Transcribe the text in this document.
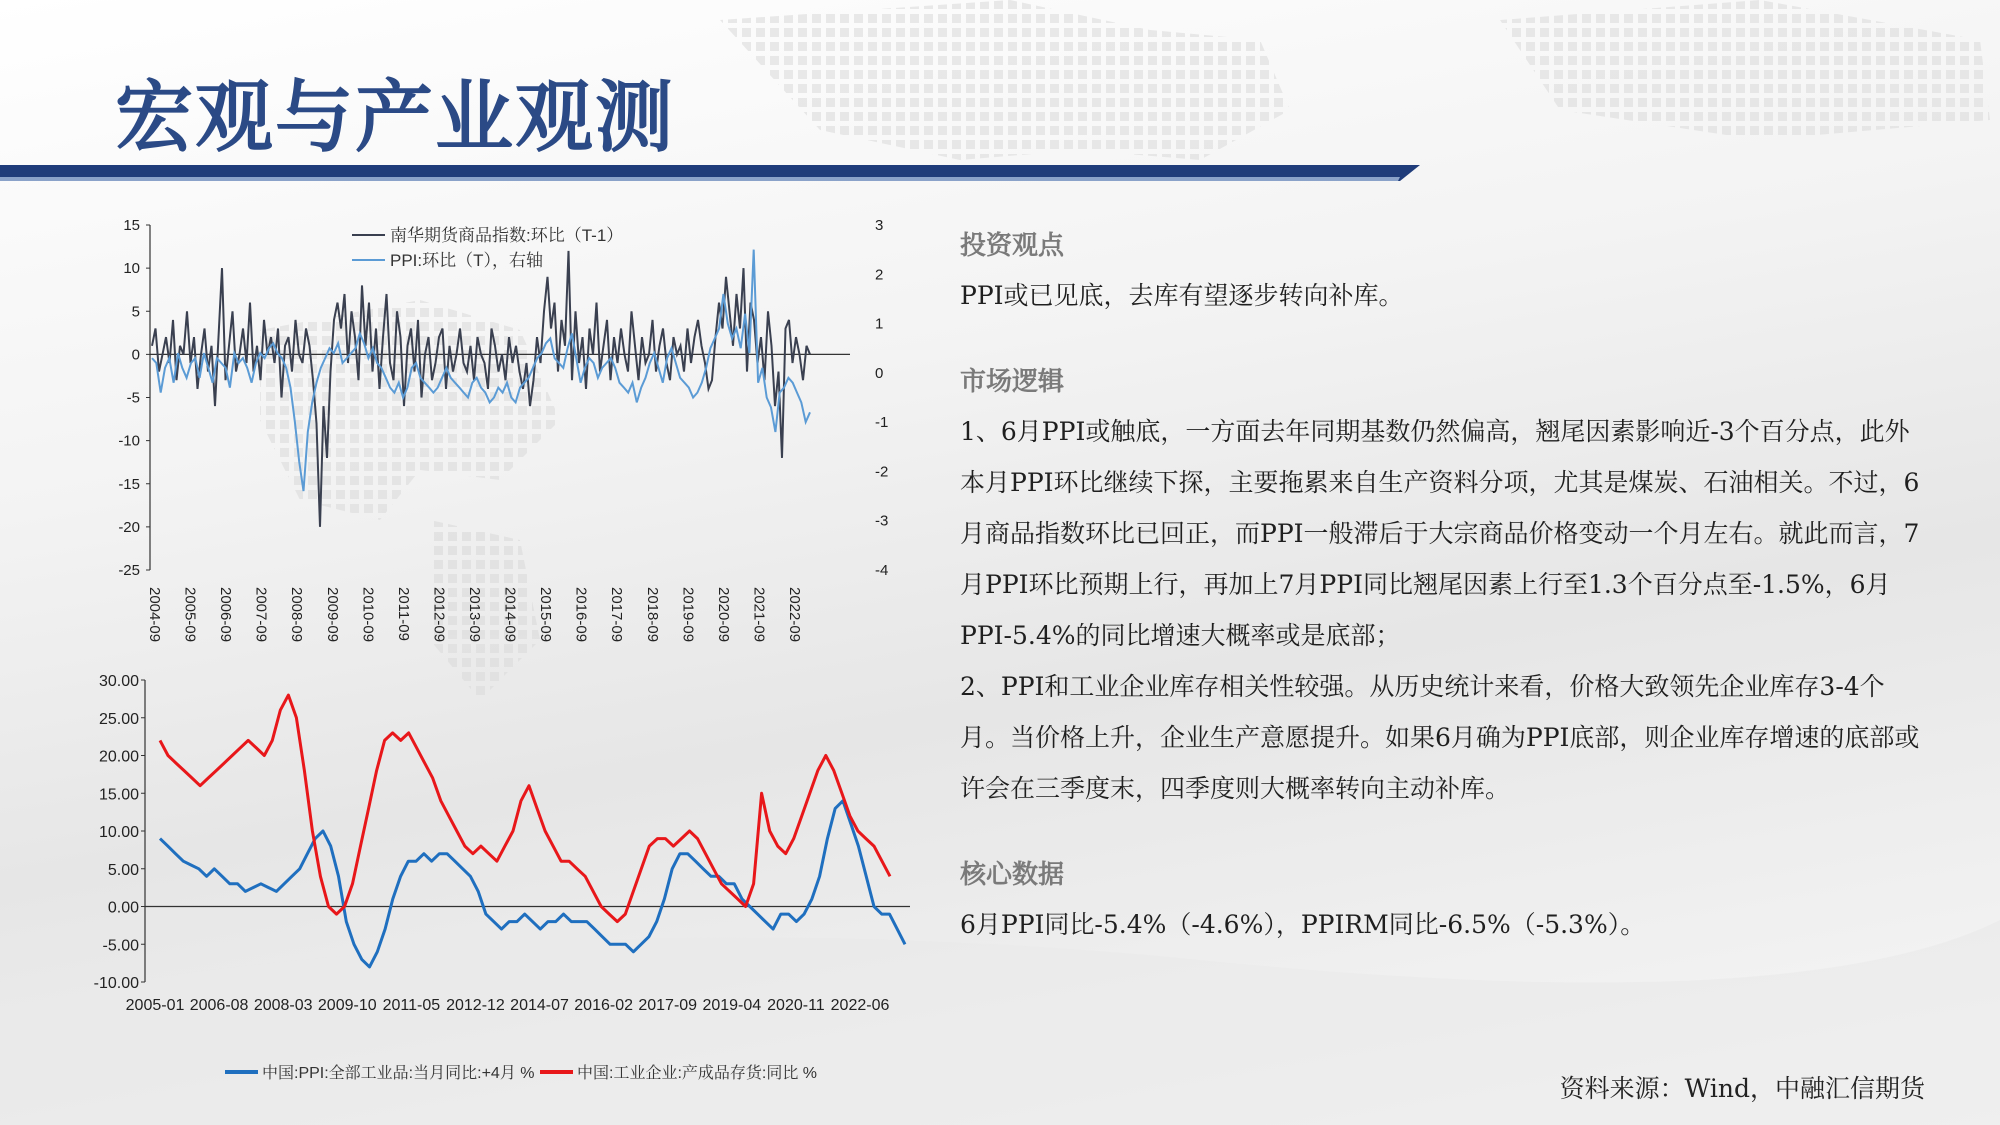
宏观与产业观测
15
10
5
0
-5
-10
-15
-20
-25
3
2
1
0
-1
-2
-3
-4
2004-09 2005-09 2006-09 2007-09 2008-09 2009-09 2010-09 2011-09 2012-09 2013-09 2014-09 2015-09 2016-09 2017-09 2018-09 2019-09 2020-09 2021-09 2022-09
南华期货商品指数:环比（T-1）
PPI:环比（T），右轴
30.00
25.00
20.00
15.00
10.00
5.00
0.00
-5.00
-10.00
2005-01 2006-08 2008-03 2009-10 2011-05 2012-12 2014-07 2016-02 2017-09 2019-04 2020-11 2022-06
中国:PPI:全部工业品:当月同比:+4月 %	中国:工业企业:产成品存货:同比 %

投资观点

PPI或已见底，去库有望逐步转向补库。

市场逻辑

1、6月PPI或触底，一方面去年同期基数仍然偏高，翘尾因素影响近-3个百分点，此外本月PPI环比继续下探，主要拖累来自生产资料分项，尤其是煤炭、石油相关。不过，6月商品指数环比已回正，而PPI一般滞后于大宗商品价格变动一个月左右。就此而言，7月PPI环比预期上行，再加上7月PPI同比翘尾因素上行至1.3个百分点至-1.5%，6月PPI-5.4%的同比增速大概率或是底部；

2、PPI和工业企业库存相关性较强。从历史统计来看，价格大致领先企业库存3-4个月。当价格上升，企业生产意愿提升。如果6月确为PPI底部，则企业库存增速的底部或许会在三季度末，四季度则大概率转向主动补库。

核心数据

6月PPI同比-5.4%（-4.6%），PPIRM同比-6.5%（-5.3%）。

资料来源：Wind，中融汇信期货
